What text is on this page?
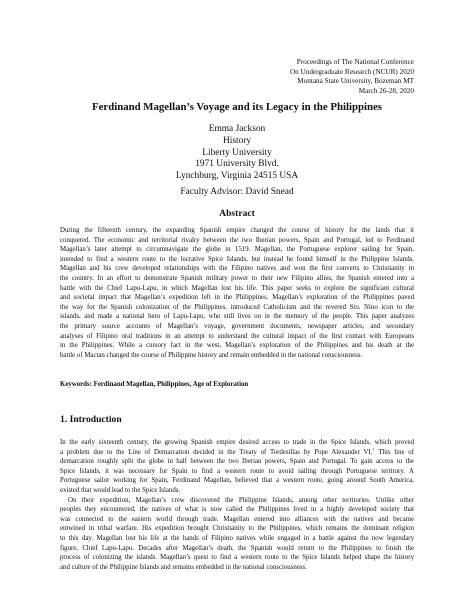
Proceedings of The National Conference
On Undergraduate Research (NCUR) 2020
Montana State University, Bozeman MT
March 26-28, 2020
Ferdinand Magellan’s Voyage and its Legacy in the Philippines
Emma Jackson
History
Liberty University
1971 University Blvd.
Lynchburg, Virginia 24515 USA
Faculty Advisor: David Snead
Abstract
During the fifteenth century, the expanding Spanish empire changed the course of history for the lands that it
conquered. The economic and territorial rivalry between the two Iberian powers, Spain and Portugal, led to Ferdinand
Magellan’s later attempt to circumnavigate the globe in 1519. Magellan, the Portuguese explorer sailing for Spain,
intended to find a western route to the lucrative Spice Islands, but instead he found himself in the Philippine Islands.
Magellan and his crew developed relationships with the Filipino natives and won the first converts to Christianity in
the country. In an effort to demonstrate Spanish military power to their new Filipino allies, the Spanish entered into a
battle with the Chief Lapu-Lapu, in which Magellan lost his life. This paper seeks to explore the significant cultural
and societal impact that Magellan’s expedition left in the Philippines. Magellan’s exploration of the Philippines paved
the way for the Spanish colonization of the Philippines, introduced Catholicism and the revered Sto. Nino icon to the
islands, and made a national hero of Lapu-Lapu, who still lives on in the memory of the people. This paper analyzes
the primary source accounts of Magellan’s voyage, government documents, newspaper articles, and secondary
analyses of Filipino oral traditions in an attempt to understand the cultural impact of the first contact with Europeans
in the Philippines. While a cursory fact in the west, Magellan’s exploration of the Philippines and his death at the
battle of Mactan changed the course of Philippine history and remain embedded in the national consciousness.
Keywords: Ferdinand Magellan, Philippines, Age of Exploration
1. Introduction
In the early sixteenth century, the growing Spanish empire desired access to trade in the Spice Islands, which proved
a problem due to the Line of Demarcation decided in the Treaty of Tordesillas by Pope Alexander VI.$^1$ This line of
demarcation roughly split the globe in half between the two Iberian powers, Spain and Portugal. To gain access to the
Spice Islands, it was necessary for Spain to find a western route to avoid sailing through Portuguese territory. A
Portuguese sailor working for Spain, Ferdinand Magellan, believed that a western route, going around South America,
existed that would lead to the Spice Islands.
On their expedition, Magellan’s crew discovered the Philippine Islands, among other territories. Unlike other
peoples they encountered, the natives of what is now called the Philippines lived in a highly developed society that
was connected to the eastern world through trade. Magellan entered into alliances with the natives and became
entwined in tribal warfare. His expedition brought Christianity to the Philippines, which remains the dominant religion
to this day. Magellan lost his life at the hands of Filipino natives while engaged in a battle against the now legendary
figure, Chief Lapu-Lapu. Decades after Magellan’s death, the Spanish would return to the Philippines to finish the
process of colonizing the islands. Magellan’s quest to find a western route to the Spice Islands helped shape the history
and culture of the Philippine Islands and remains embedded in the national consciousness.
